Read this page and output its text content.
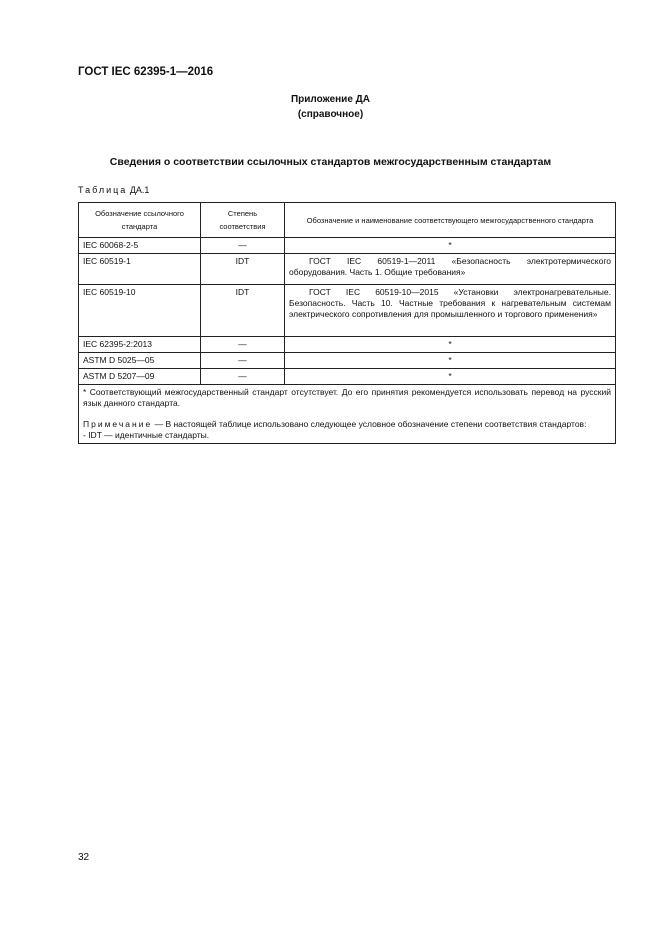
ГОСТ IEC 62395-1—2016
Приложение ДА
(справочное)
Сведения о соответствии ссылочных стандартов межгосударственным стандартам
Таблица ДА.1
Обозначение ссылочного стандарта	Степень соответствия	Обозначение и наименование соответствующего межгосударственного стандарта
IEC 60068-2-5	—	*
IEC 60519-1	IDT	ГОСТ IEC 60519-1—2011 «Безопасность электротермического оборудования. Часть 1. Общие требования»
IEC 60519-10	IDT	ГОСТ IEC 60519-10—2015 «Установки электронагревательные. Безопасность. Часть 10. Частные требования к нагревательным системам электрического сопротивления для промышленного и торгового применения»
IEC 62395-2:2013	—	*
ASTM D 5025—05	—	*
ASTM D 5207—09	—	*

* Соответствующий межгосударственный стандарт отсутствует. До его принятия рекомендуется использовать перевод на русский язык данного стандарта.

Примечание — В настоящей таблице использовано следующее условное обозначение степени соответствия стандартов:

- IDT — идентичные стандарты.		

32
